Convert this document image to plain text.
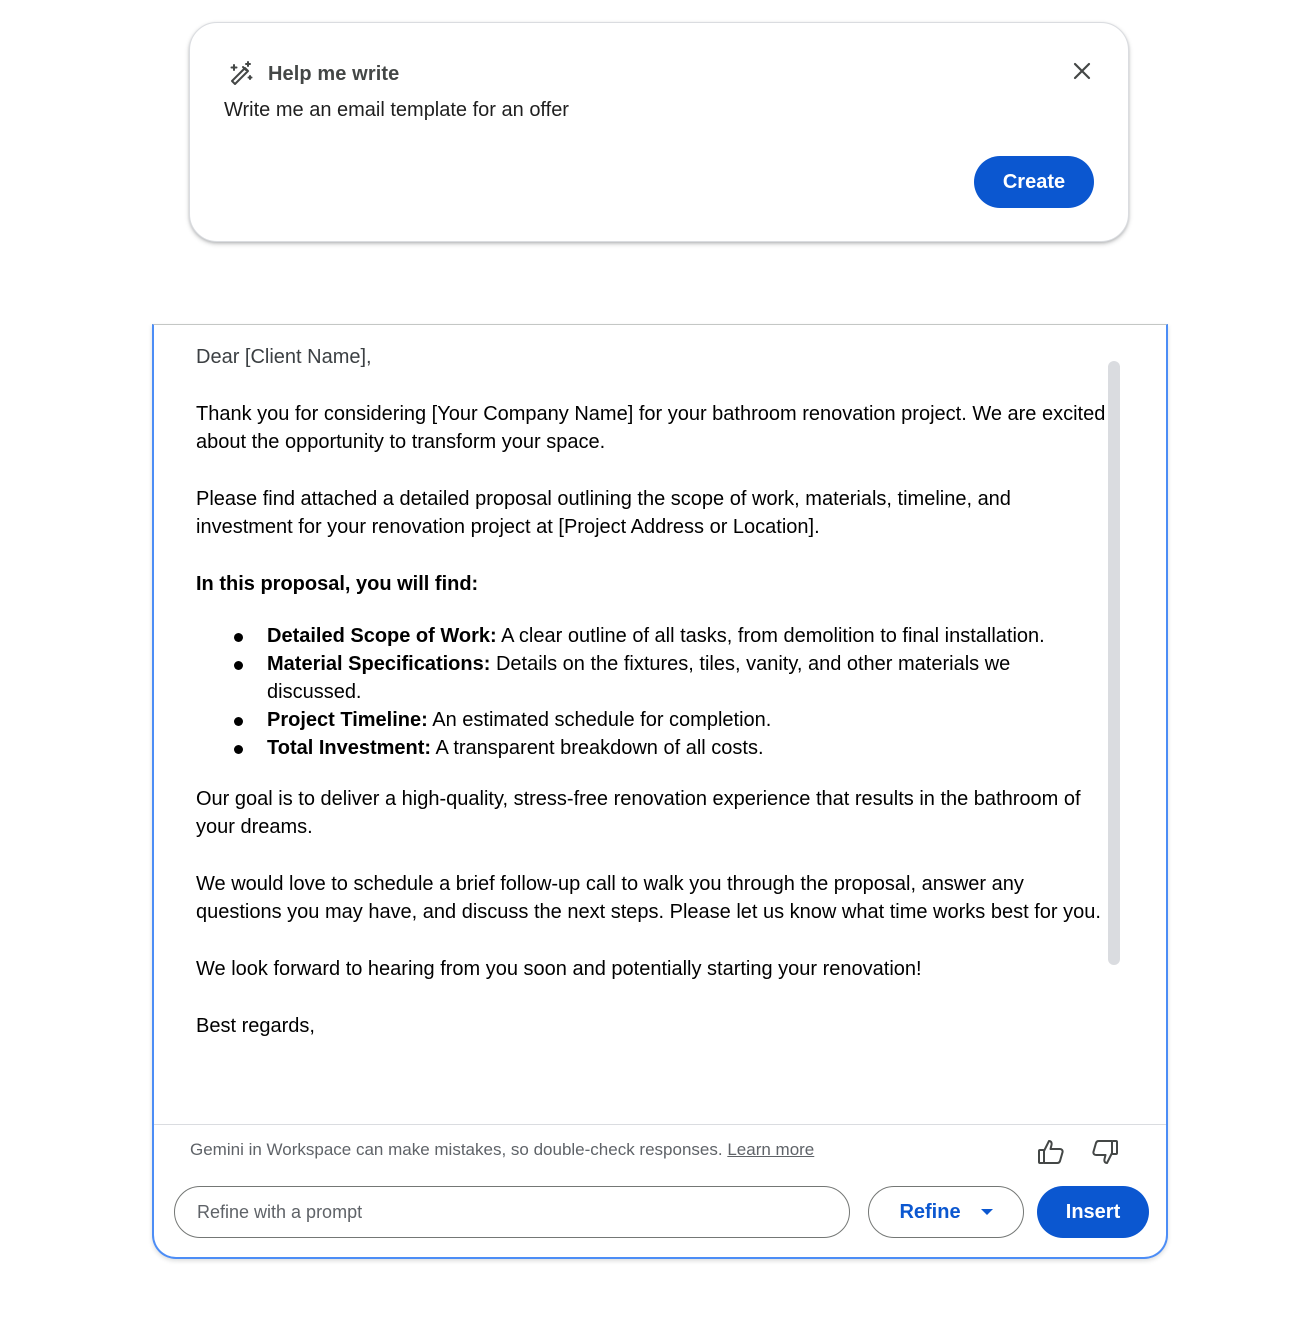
Help me write
Write me an email template for an offer
Create

Dear [Client Name],

Thank you for considering [Your Company Name] for your bathroom renovation project. We are excited about the opportunity to transform your space.

Please find attached a detailed proposal outlining the scope of work, materials, timeline, and investment for your renovation project at [Project Address or Location].

In this proposal, you will find:

Detailed Scope of Work: A clear outline of all tasks, from demolition to final installation.
Material Specifications: Details on the fixtures, tiles, vanity, and other materials we discussed.
Project Timeline: An estimated schedule for completion.
Total Investment: A transparent breakdown of all costs.

Our goal is to deliver a high-quality, stress-free renovation experience that results in the bathroom of your dreams.

We would love to schedule a brief follow-up call to walk you through the proposal, answer any questions you may have, and discuss the next steps. Please let us know what time works best for you.

We look forward to hearing from you soon and potentially starting your renovation!

Best regards,

Gemini in Workspace can make mistakes, so double-check responses. Learn more
Refine with a prompt
Refine	Insert
